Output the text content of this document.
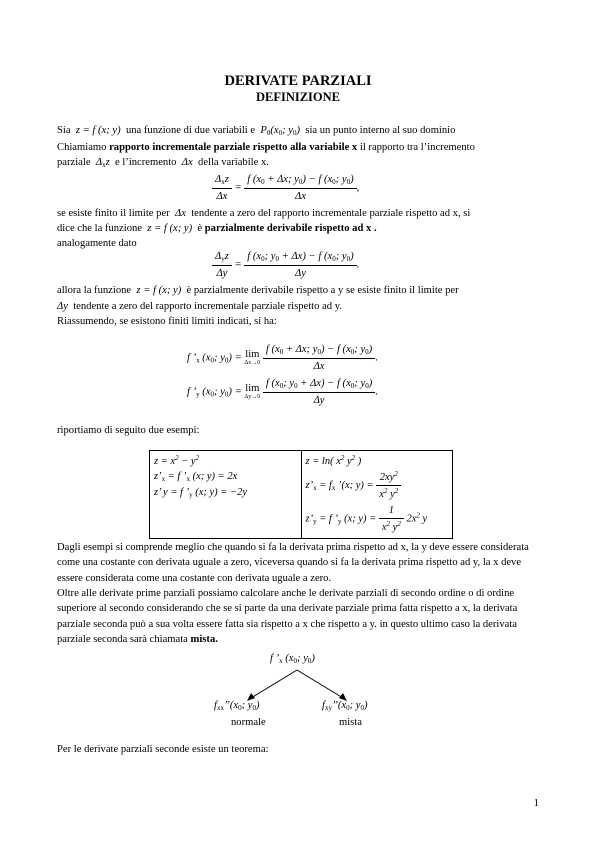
DERIVATE PARZIALI
DEFINIZIONE
Sia  z = f (x; y)  una funzione di due variabili e  $P_0(x_0$; $y_0$)  sia un punto interno al suo dominio
Chiamiamo rapporto incrementale parziale rispetto alla variabile x il rapporto tra l’incremento
parziale  $\Delta_xz$  e l’incremento  Δx  della variabile x.
$\frac{\Delta_xz}{\Delta x} = \frac{f (x_0 + \Delta x; y_0) - f (x_0; y_0)}{\Delta x}$ ,
se esiste finito il limite per  Δx  tendente a zero del rapporto incrementale parziale rispetto ad x, si
dice che la funzione  z = f (x; y)  è parzialmente derivabile rispetto ad x .
analogamente dato
$\frac{\Delta_yz}{\Delta y} = \frac{f (x_0; y_0 + \Delta x) - f (x_0; y_0)}{\Delta y}$ .
allora la funzione  z = f (x; y)  è parzialmente derivabile rispetto a y se esiste finito il limite per
Δy  tendente a zero del rapporto incrementale parziale rispetto ad y.
Riassumendo, se esistono finiti limiti indicati, si ha:
f $’_x$ ($x_0$; $y_0) = \lim$
Δx→0
$\frac{f (x_0 + \Delta x; y_0) - f (x_0; y_0)}{\Delta x}$ .
f $’_y$ ($x_0$; $y_0) = \lim$
Δy→0
$\frac{f (x_0; y_0 + \Delta x) - f (x_0; y_0)}{\Delta y}$ .
riportiamo di seguito due esempi:
$z = x^2 - y^2$
$z’_x = f$ $’_x$ (x; y) = 2x
z’ y = f $’_y$ (x; y) = −2y

z = ln( $x^2$ $y^2$ )
$z’_x = f_x$ ’(x; $y) = \frac{2xy^2}{x^2 y^2}$
$z’_y = f$ $’_y$ (x; $y) = \frac{1}{x^2 y^2} 2x^2$ y
Dagli esempi si comprende meglio che quando si fa la derivata prima rispetto ad x, la y deve essere considerata come una costante con derivata uguale a zero, viceversa quando si fa la derivata prima rispetto ad y, la x deve essere considerata come una costante con derivata uguale a zero.
Oltre alle derivate prime parziali possiamo calcolare anche le derivate parziali di secondo ordine o di ordine superiore al secondo considerando che se si parte da una derivate parziale prima fatta rispetto a x, la derivata parziale seconda può a sua volta essere fatta sia rispetto a x che rispetto a y. in questo ultimo caso la derivata parziale seconda sarà chiamata mista.
f $’_x$ ($x_0$; $y_0$)
$f_{xx}’’(x_0$; $y_0$)	$f_{xy}’’(x_0$; $y_0$)
normale	mista
Per le derivate parziali seconde esiste un teorema:
1
